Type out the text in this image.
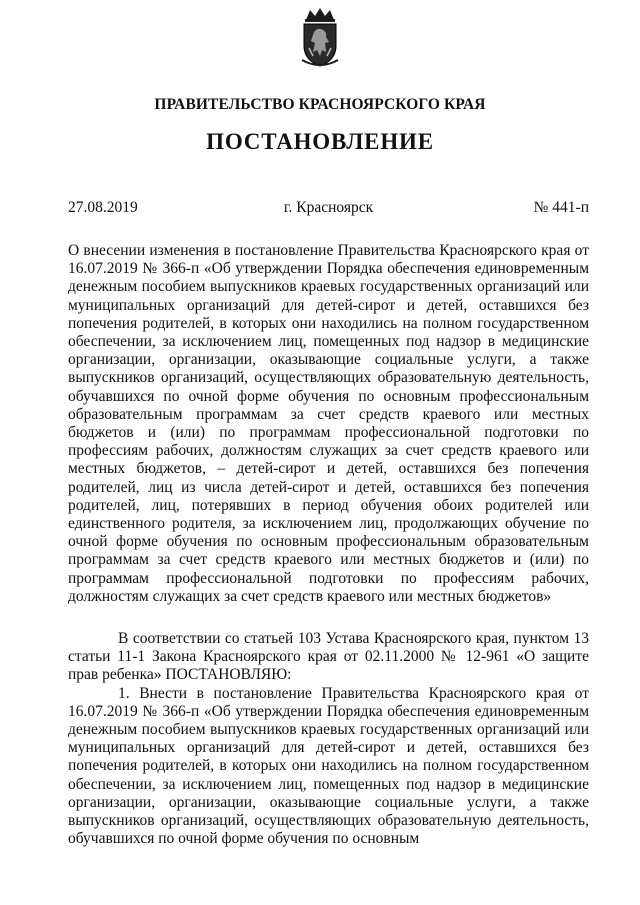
ПРАВИТЕЛЬСТВО КРАСНОЯРСКОГО КРАЯ
ПОСТАНОВЛЕНИЕ
27.08.2019	г. Красноярск	№ 441-п

О внесении изменения в постановление Правительства Красноярского края от 16.07.2019 № 366-п «Об утверждении Порядка обеспечения единовременным денежным пособием выпускников краевых государственных организаций или муниципальных организаций для детей-сирот и детей, оставшихся без попечения родителей, в которых они находились на полном государственном обеспечении, за исключением лиц, помещенных под надзор в медицинские организации, организации, оказывающие социальные услуги, а также выпускников организаций, осуществляющих образовательную деятельность, обучавшихся по очной форме обучения по основным профессиональным образовательным программам за счет средств краевого или местных бюджетов и (или) по программам профессиональной подготовки по профессиям рабочих, должностям служащих за счет средств краевого или местных бюджетов, – детей-сирот и детей, оставшихся без попечения родителей, лиц из числа детей-сирот и детей, оставшихся без попечения родителей, лиц, потерявших в период обучения обоих родителей или единственного родителя, за исключением лиц, продолжающих обучение по очной форме обучения по основным профессиональным образовательным программам за счет средств краевого или местных бюджетов и (или) по программам профессиональной подготовки по профессиям рабочих, должностям служащих за счет средств краевого или местных бюджетов»

В соответствии со статьей 103 Устава Красноярского края, пунктом 13 статьи 11-1 Закона Красноярского края от 02.11.2000 № 12-961 «О защите прав ребенка» ПОСТАНОВЛЯЮ:

1. Внести в постановление Правительства Красноярского края от 16.07.2019 № 366-п «Об утверждении Порядка обеспечения единовременным денежным пособием выпускников краевых государственных организаций или муниципальных организаций для детей-сирот и детей, оставшихся без попечения родителей, в которых они находились на полном государственном обеспечении, за исключением лиц, помещенных под надзор в медицинские организации, организации, оказывающие социальные услуги, а также выпускников организаций, осуществляющих образовательную деятельность, обучавшихся по очной форме обучения по основным
